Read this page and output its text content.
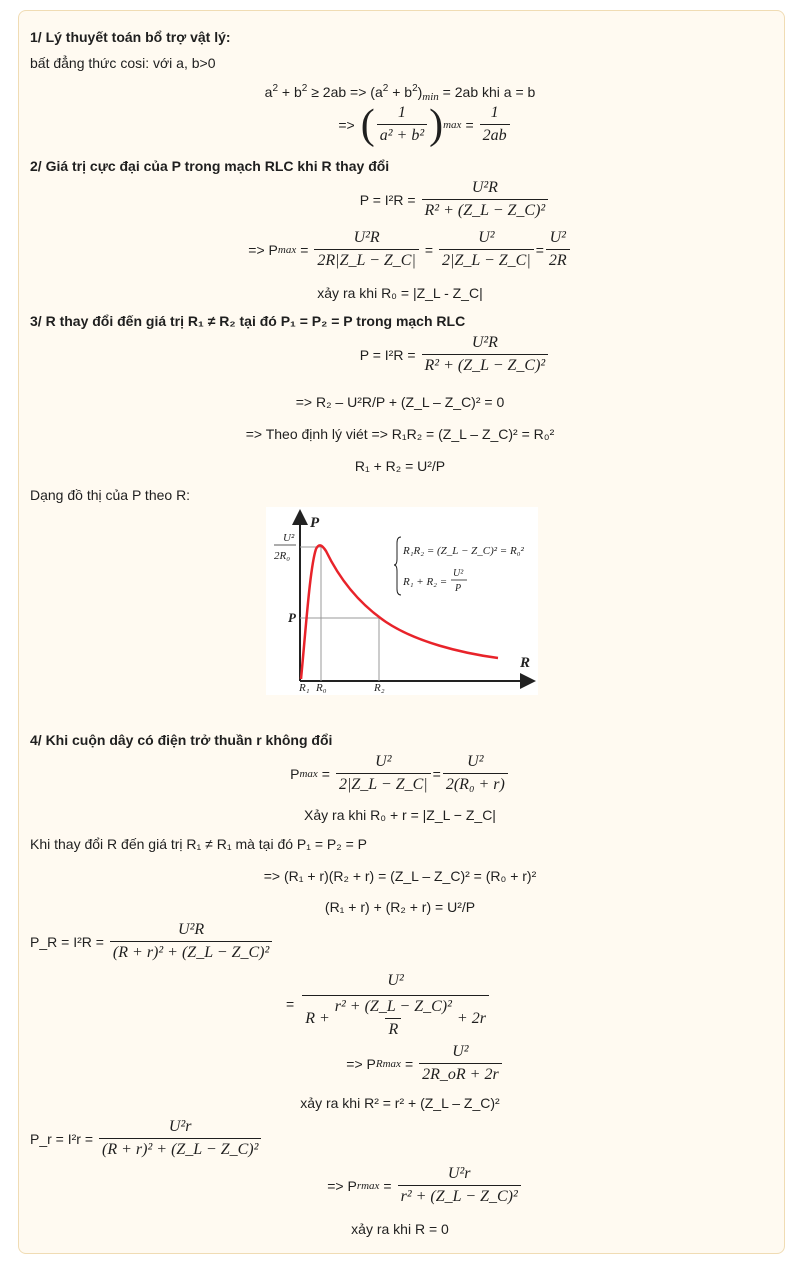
1/ Lý thuyết toán bổ trợ vật lý:
bất đẳng thức cosi: với a, b>0
$a^2 + b^2 \ge 2ab => (a^2 + b^2)_{min} = 2ab$ khi a = b
=> ( $\frac{1}{\text{a² + b²}}$ ) $\max = \frac{1}{2ab}$
2/ Giá trị cực đại của P trong mạch RLC khi R thay đổi
$P = I^2R = \frac{\text{U²R}}{\text{R² + (Z\_L − Z\_C)²}}$
=> P $\max = \frac{\text{U²R}}{2R|Z\_L - Z\_C|} = \frac{\text{U²}}{2|Z\_L - Z\_C|} = \frac{\text{U²}}{2R}$
xảy ra khi R₀ = |Z_L - Z_C|
3/ R thay đổi đến giá trị R₁ ≠ R₂ tại đó P₁ = P₂ = P trong mạch RLC
$P = I^2R = \frac{\text{U²R}}{\text{R² + (Z\_L − Z\_C)²}}$
=> R₂ – U²R/P + (Z_L – Z_C)² = 0
=> Theo định lý viét => R₁R₂ = (Z_L – Z_C)² = R₀²
R₁ + R₂ = U²/P
Dạng đồ thị của P theo R:
P
R
U²
2R₀
P
R₁ R₀	R₂
R₁R₂ = (Z_L − Z_C)² = R₀²
R₁ + R₂ =
U²
P
4/ Khi cuộn dây có điện trở thuần r không đổi
P $\max = \frac{\text{U²}}{2|Z\_L - Z\_C|} = \frac{\text{U²}}{\text{2(R₀ + r)}}$
Xảy ra khi R₀ + r = |Z_L − Z_C|
Khi thay đổi R đến giá trị R₁ ≠ R₁ mà tại đó P₁ = P₂ = P
=> (R₁ + r)(R₂ + r) = (Z_L – Z_C)² = (R₀ + r)²
(R₁ + r) + (R₂ + r) = U²/P
P_R = $I^2R = \frac{\text{U²R}}{\text{(R + r)² + (Z\_L − Z\_C)²}}$
= $\frac{\text{U²}}{R + \frac{\text{r² + (Z\_L − Z\_C)²}}{R} + 2r}$
=> P $Rmax = \frac{\text{U²}}{2R\_oR + 2r}$
xảy ra khi R² = r² + (Z_L – Z_C)²
P_r = $I^2r = \frac{\text{U²r}}{\text{(R + r)² + (Z\_L − Z\_C)²}}$
=> P $rmax = \frac{\text{U²r}}{\text{r² + (Z\_L − Z\_C)²}}$
xảy ra khi R = 0
